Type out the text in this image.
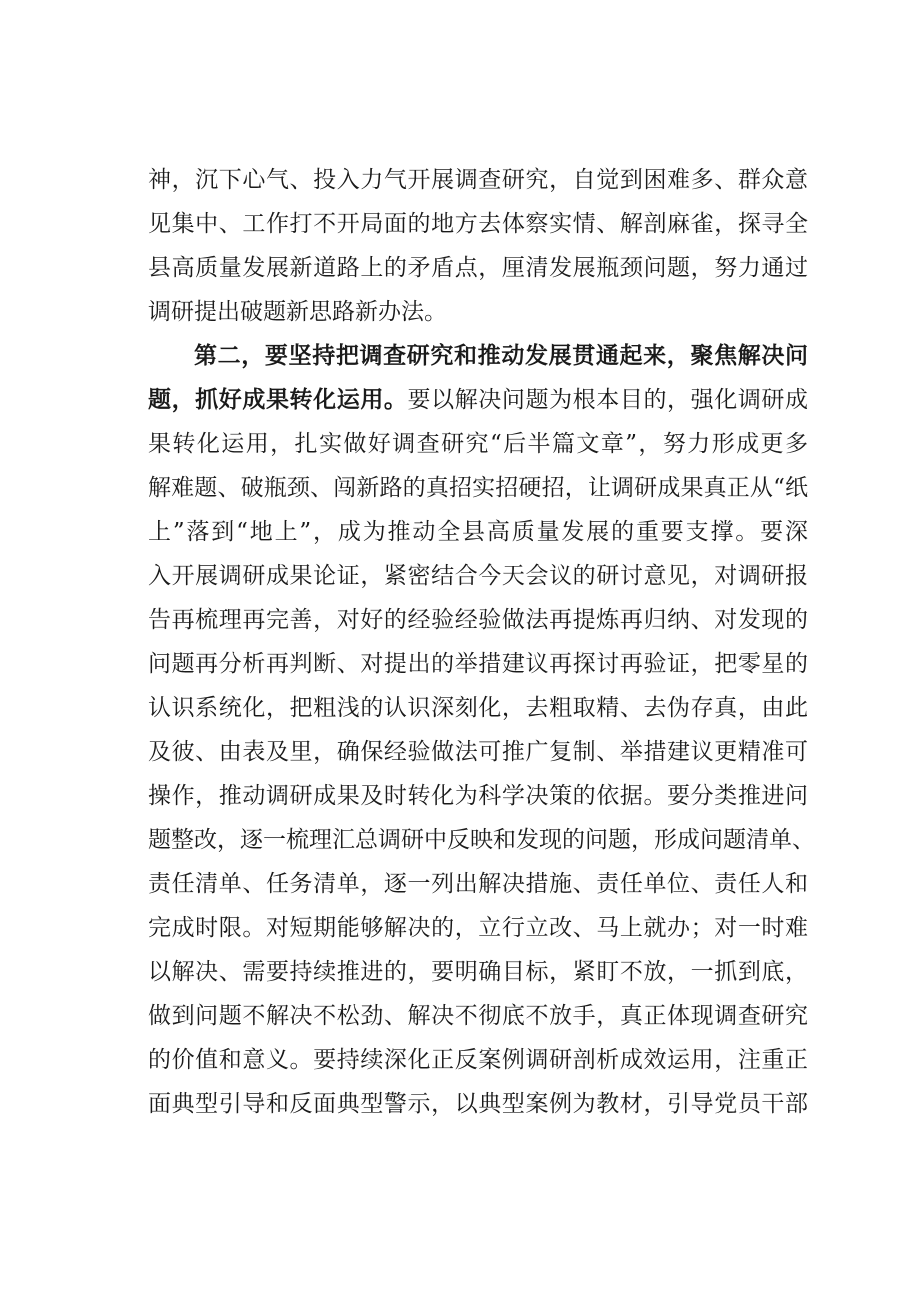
神，沉下心气、投入力气开展调查研究，自觉到困难多、群众意
见集中、工作打不开局面的地方去体察实情、解剖麻雀，探寻全
县高质量发展新道路上的矛盾点，厘清发展瓶颈问题，努力通过
调研提出破题新思路新办法。
第二，要坚持把调查研究和推动发展贯通起来，聚焦解决问
题，抓好成果转化运用。要以解决问题为根本目的，强化调研成
果转化运用，扎实做好调查研究“后半篇文章”，努力形成更多
解难题、破瓶颈、闯新路的真招实招硬招，让调研成果真正从“纸
上”落到“地上”，成为推动全县高质量发展的重要支撑。要深
入开展调研成果论证，紧密结合今天会议的研讨意见，对调研报
告再梳理再完善，对好的经验经验做法再提炼再归纳、对发现的
问题再分析再判断、对提出的举措建议再探讨再验证，把零星的
认识系统化，把粗浅的认识深刻化，去粗取精、去伪存真，由此
及彼、由表及里，确保经验做法可推广复制、举措建议更精准可
操作，推动调研成果及时转化为科学决策的依据。要分类推进问
题整改，逐一梳理汇总调研中反映和发现的问题，形成问题清单、
责任清单、任务清单，逐一列出解决措施、责任单位、责任人和
完成时限。对短期能够解决的，立行立改、马上就办；对一时难
以解决、需要持续推进的，要明确目标，紧盯不放，一抓到底，
做到问题不解决不松劲、解决不彻底不放手，真正体现调查研究
的价值和意义。要持续深化正反案例调研剖析成效运用，注重正
面典型引导和反面典型警示，以典型案例为教材，引导党员干部
